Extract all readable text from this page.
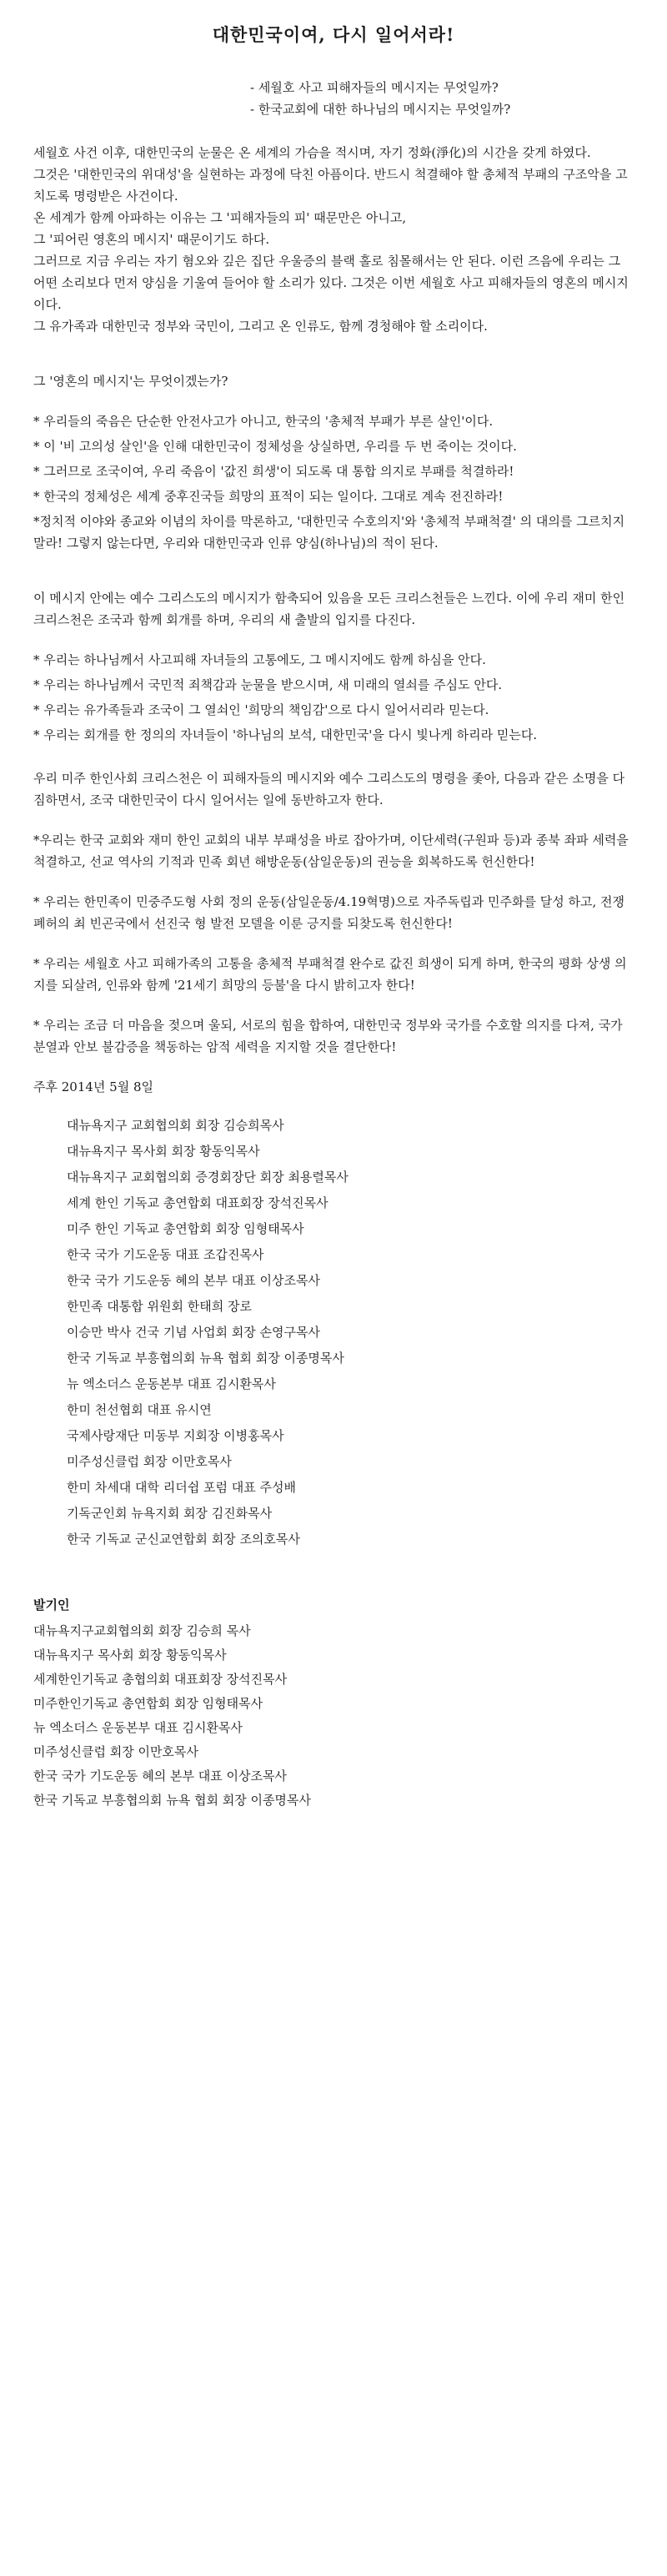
대한민국이여, 다시 일어서라!
- 세월호 사고 피해자들의 메시지는 무엇일까?
- 한국교회에 대한 하나님의 메시지는 무엇일까?

세월호 사건 이후, 대한민국의 눈물은 온 세계의 가슴을 적시며, 자기 정화(淨化)의 시간을 갖게 하였다.
그것은 '대한민국의 위대성'을 실현하는 과정에 닥친 아픔이다. 반드시 척결해야 할 총체적 부패의 구조악을 고치도록 명령받은 사건이다.
온 세계가 함께 아파하는 이유는 그 '피해자들의 피' 때문만은 아니고,
그 '피어린 영혼의 메시지' 때문이기도 하다.
그러므로 지금 우리는 자기 혐오와 깊은 집단 우울증의 블랙 홀로 침몰해서는 안 된다. 이런 즈음에 우리는 그 어떤 소리보다 먼저 양심을 기울여 들어야 할 소리가 있다. 그것은 이번 세월호 사고 피해자들의 영혼의 메시지이다.
그 유가족과 대한민국 정부와 국민이, 그리고 온 인류도, 함께 경청해야 할 소리이다.

그 '영혼의 메시지'는 무엇이겠는가?

* 우리들의 죽음은 단순한 안전사고가 아니고, 한국의 '총체적 부패가 부른 살인'이다.
* 이 '비 고의성 살인'을 인해 대한민국이 정체성을 상실하면, 우리를 두 번 죽이는 것이다.
* 그러므로 조국이여, 우리 죽음이 '값진 희생'이 되도록 대 통합 의지로 부패를 척결하라!
* 한국의 정체성은 세계 중후진국들 희망의 표적이 되는 일이다. 그대로 계속 전진하라!
*정치적 이야와 종교와 이념의 차이를 막론하고, '대한민국 수호의지'와 '총체적 부패척결' 의 대의를 그르치지 말라! 그렇지 않는다면, 우리와 대한민국과 인류 양심(하나님)의 적이 된다.

이 메시지 안에는 예수 그리스도의 메시지가 함축되어 있음을 모든 크리스천들은 느낀다. 이에 우리 재미 한인 크리스천은 조국과 함께 회개를 하며, 우리의 새 출발의 입지를 다진다.

* 우리는 하나님께서 사고피해 자녀들의 고통에도, 그 메시지에도 함께 하심을 안다.
* 우리는 하나님께서 국민적 죄책감과 눈물을 받으시며, 새 미래의 열쇠를 주심도 안다.
* 우리는 유가족들과 조국이 그 열쇠인 '희망의 책임감'으로 다시 일어서리라 믿는다.
* 우리는 회개를 한 정의의 자녀들이 '하나님의 보석, 대한민국'을 다시 빛나게 하리라 믿는다.

우리 미주 한인사회 크리스천은 이 피해자들의 메시지와 예수 그리스도의 명령을 좇아, 다음과 같은 소명을 다짐하면서, 조국 대한민국이 다시 일어서는 일에 동반하고자 한다.

*우리는 한국 교회와 재미 한인 교회의 내부 부패성을 바로 잡아가며, 이단세력(구원파 등)과 종북 좌파 세력을 척결하고, 선교 역사의 기적과 민족 회년 해방운동(삼일운동)의 권능을 회복하도록 헌신한다!

* 우리는 한민족이 민중주도형 사회 정의 운동(삼일운동/4.19혁명)으로 자주독립과 민주화를 달성 하고, 전쟁폐허의 최 빈곤국에서 선진국 형 발전 모델을 이룬 긍지를 되찾도록 헌신한다!

* 우리는 세월호 사고 피해가족의 고통을 총체적 부패척결 완수로 값진 희생이 되게 하며, 한국의 평화 상생 의지를 되살려, 인류와 함께 '21세기 희망의 등불'을 다시 밝히고자 한다!

* 우리는 조금 더 마음을 젖으며 울되, 서로의 힘을 합하여, 대한민국 정부와 국가를 수호할 의지를 다져, 국가분열과 안보 불감증을 책동하는 암적 세력을 지지할 것을 결단한다!

주후 2014년 5월 8일

대뉴욕지구 교회협의회 회장 김승희목사
대뉴욕지구 목사회 회장 황동익목사
대뉴욕지구 교회협의회 증경회장단 회장 최용렬목사
세계 한인 기독교 총연합회 대표회장 장석진목사
미주 한인 기독교 총연합회 회장 임형태목사
한국 국가 기도운동 대표 조갑진목사
한국 국가 기도운동 혜의 본부 대표 이상조목사
한민족 대통합 위원회 한태희 장로
이승만 박사 건국 기념 사업회 회장 손영구목사
한국 기독교 부흥협의회 뉴욕 협회 회장 이종명목사
뉴 엑소더스 운동본부 대표 김시환목사
한미 천선협회 대표 유시연
국제사랑재단 미동부 지회장 이병홍목사
미주성신클럽 회장 이만호목사
한미 차세대 대학 리더쉽 포럼 대표 주성배
기독군인회 뉴욕지회 회장 김진화목사
한국 기독교 군신교연합회 회장 조의호목사
발기인
대뉴욕지구교회협의회 회장 김승희 목사
대뉴욕지구 목사회 회장 황동익목사
세계한인기독교 총협의회 대표회장 장석진목사
미주한인기독교 총연합회 회장 임형태목사
뉴 엑소더스 운동본부 대표 김시환목사
미주성신클럽 회장 이만호목사
한국 국가 기도운동 혜의 본부 대표 이상조목사
한국 기독교 부흥협의회 뉴욕 협회 회장 이종명목사
